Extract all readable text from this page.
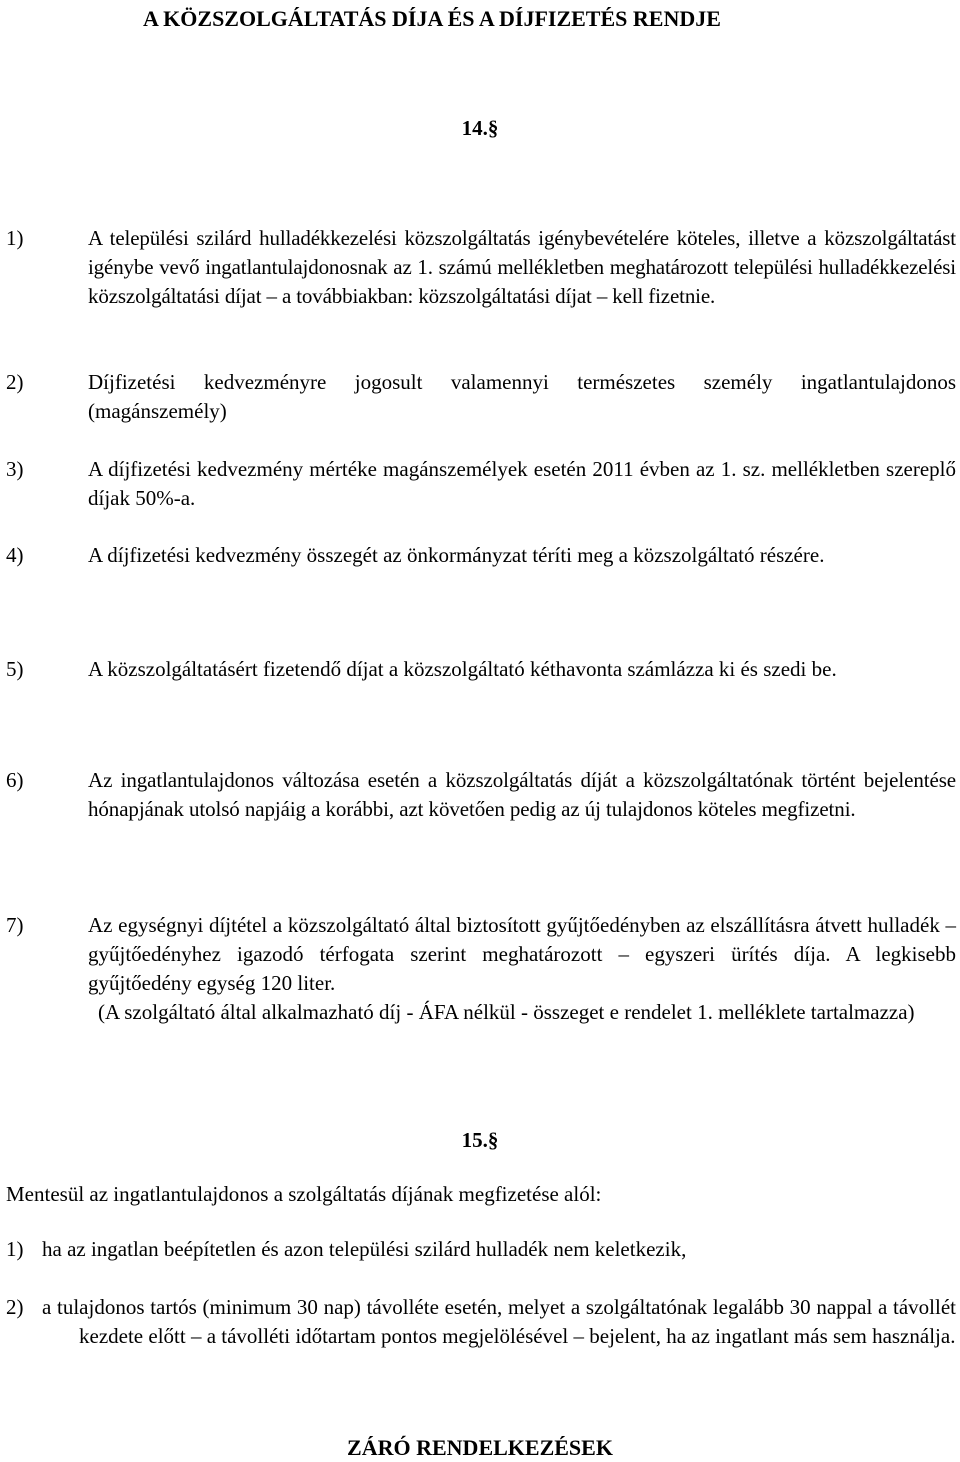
A KÖZSZOLGÁLTATÁS DÍJA ÉS A DÍJFIZETÉS RENDJE
14.§
1)	A települési szilárd hulladékkezelési közszolgáltatás igénybevételére köteles, illetve a közszolgáltatást igénybe vevő ingatlantulajdonosnak az 1. számú mellékletben meghatározott települési hulladékkezelési közszolgáltatási díjat – a továbbiakban: közszolgáltatási díjat – kell fizetnie.
2)	Díjfizetési kedvezményre jogosult valamennyi természetes személy ingatlantulajdonos (magánszemély)
3)	A díjfizetési kedvezmény mértéke magánszemélyek esetén 2011 évben az 1. sz. mellékletben szereplő díjak 50%-a.
4)	A díjfizetési kedvezmény összegét az önkormányzat téríti meg a közszolgáltató részére.
5)	A közszolgáltatásért fizetendő díjat a közszolgáltató kéthavonta számlázza ki és szedi be.
6)	Az ingatlantulajdonos változása esetén a közszolgáltatás díját a közszolgáltatónak történt bejelentése hónapjának utolsó napjáig a korábbi, azt követően pedig az új tulajdonos köteles megfizetni.
7)	Az egységnyi díjtétel a közszolgáltató által biztosított gyűjtőedényben az elszállításra átvett hulladék – gyűjtőedényhez igazodó térfogata szerint meghatározott – egyszeri ürítés díja. A legkisebb gyűjtőedény egység 120 liter.
(A szolgáltató által alkalmazható díj - ÁFA nélkül - összeget e rendelet 1. melléklete tartalmazza)
15.§
Mentesül az ingatlantulajdonos a szolgáltatás díjának megfizetése alól:
1) ha az ingatlan beépítetlen és azon települési szilárd hulladék nem keletkezik,
2) a tulajdonos tartós (minimum 30 nap) távolléte esetén, melyet a szolgáltatónak legalább 30 nappal a távollét kezdete előtt – a távolléti időtartam pontos megjelölésével – bejelent, ha az ingatlant más sem használja.
ZÁRÓ RENDELKEZÉSEK
